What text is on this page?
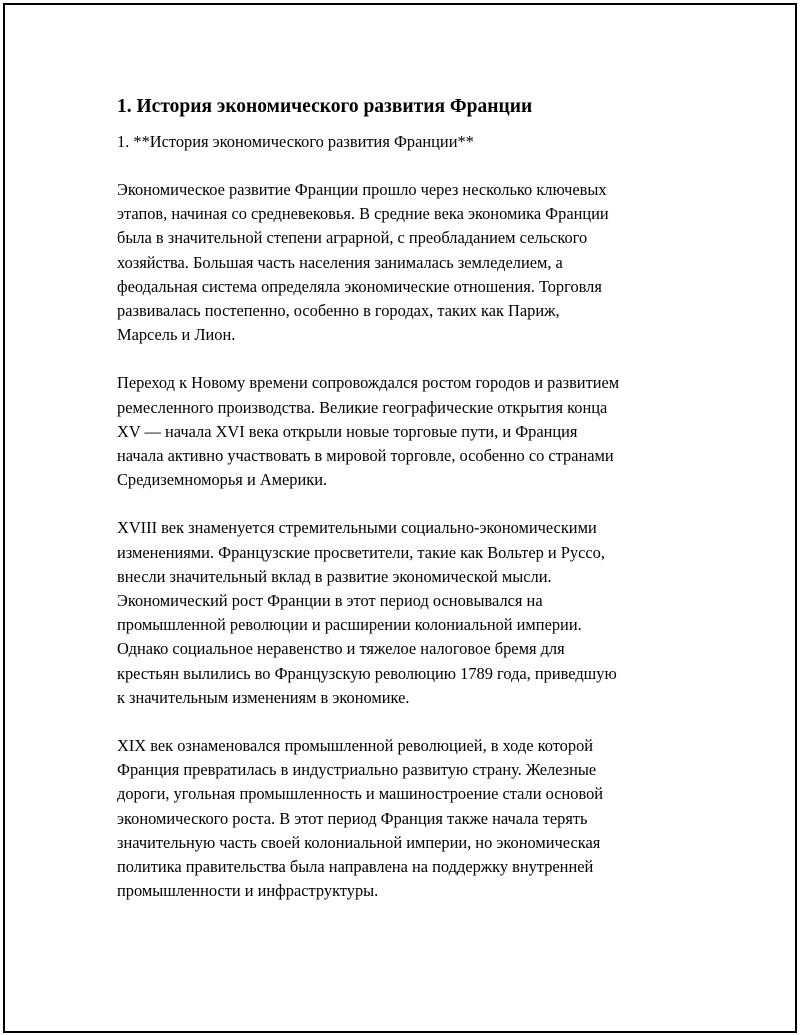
1. История экономического развития Франции
1. **История экономического развития Франции**
Экономическое развитие Франции прошло через несколько ключевых
этапов, начиная со средневековья. В средние века экономика Франции
была в значительной степени аграрной, с преобладанием сельского
хозяйства. Большая часть населения занималась земледелием, а
феодальная система определяла экономические отношения. Торговля
развивалась постепенно, особенно в городах, таких как Париж,
Марсель и Лион.
Переход к Новому времени сопровождался ростом городов и развитием
ремесленного производства. Великие географические открытия конца
XV — начала XVI века открыли новые торговые пути, и Франция
начала активно участвовать в мировой торговле, особенно со странами
Средиземноморья и Америки.
XVIII век знаменуется стремительными социально-экономическими
изменениями. Французские просветители, такие как Вольтер и Руссо,
внесли значительный вклад в развитие экономической мысли.
Экономический рост Франции в этот период основывался на
промышленной революции и расширении колониальной империи.
Однако социальное неравенство и тяжелое налоговое бремя для
крестьян вылились во Французскую революцию 1789 года, приведшую
к значительным изменениям в экономике.
XIX век ознаменовался промышленной революцией, в ходе которой
Франция превратилась в индустриально развитую страну. Железные
дороги, угольная промышленность и машиностроение стали основой
экономического роста. В этот период Франция также начала терять
значительную часть своей колониальной империи, но экономическая
политика правительства была направлена на поддержку внутренней
промышленности и инфраструктуры.
